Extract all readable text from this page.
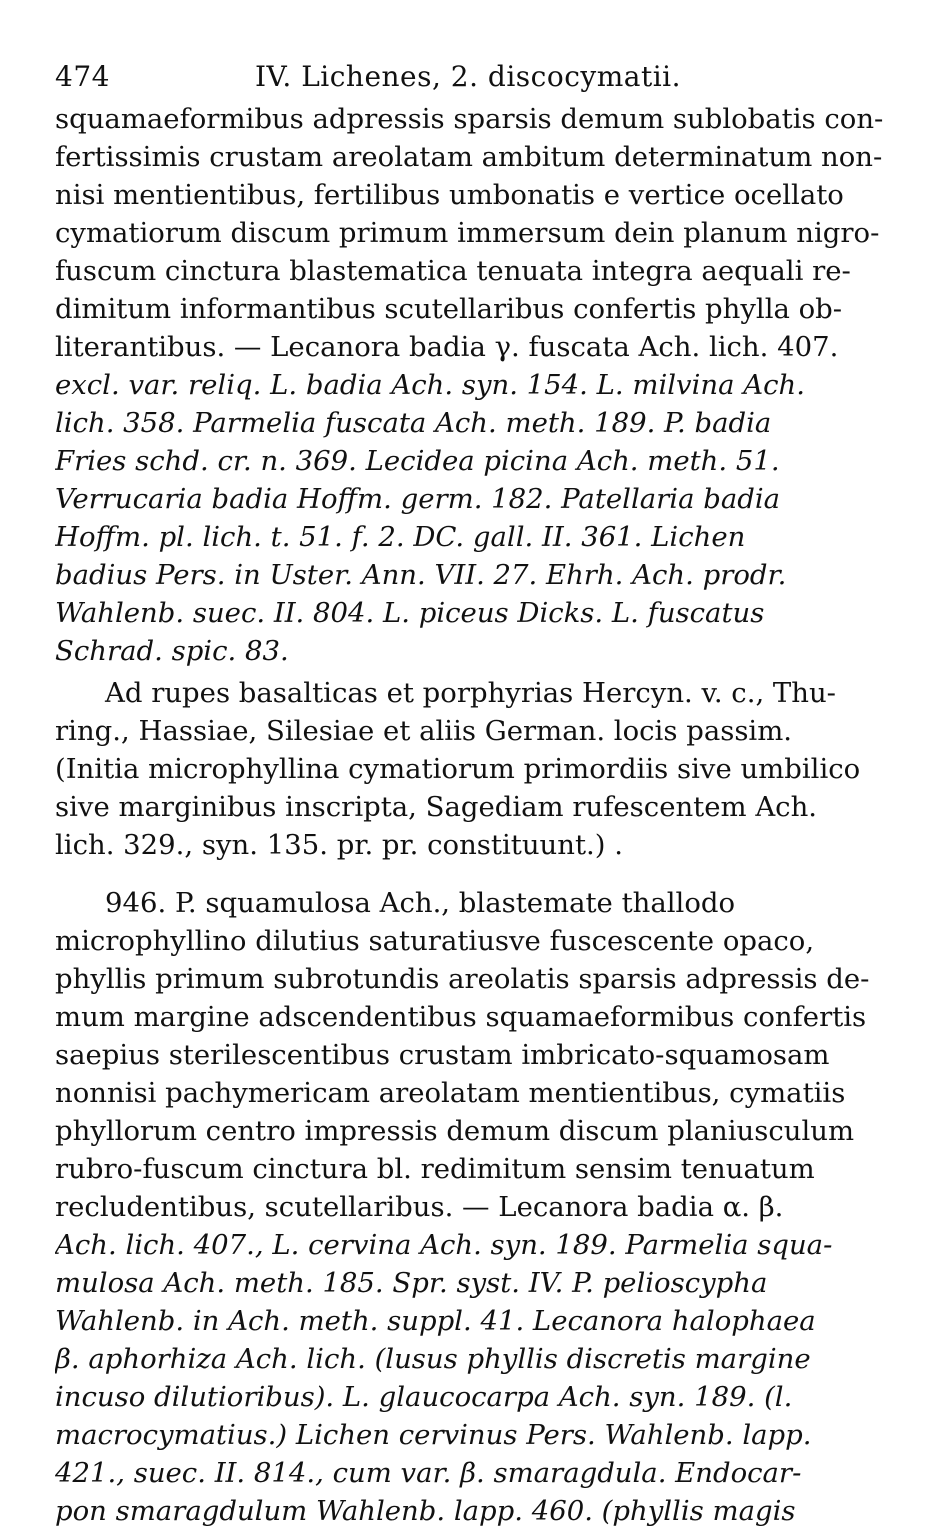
474	IV. Lichenes, 2. discocymatii.
squamaeformibus adpressis sparsis demum sublobatis con-
fertissimis crustam areolatam ambitum determinatum non-
nisi mentientibus, fertilibus umbonatis e vertice ocellato
cymatiorum discum primum immersum dein planum nigro-
fuscum cinctura blastematica tenuata integra aequali re-
dimitum informantibus scutellaribus confertis phylla ob-
literantibus. — Lecanora badia γ. fuscata Ach. lich. 407.
excl. var. reliq. L. badia Ach. syn. 154. L. milvina Ach.
lich. 358. Parmelia fuscata Ach. meth. 189. P. badia
Fries schd. cr. n. 369. Lecidea picina Ach. meth. 51.
Verrucaria badia Hoffm. germ. 182. Patellaria badia
Hoffm. pl. lich. t. 51. f. 2. DC. gall. II. 361. Lichen
badius Pers. in Uster. Ann. VII. 27. Ehrh. Ach. prodr.
Wahlenb. suec. II. 804. L. piceus Dicks. L. fuscatus
Schrad. spic. 83.
Ad rupes basalticas et porphyrias Hercyn. v. c., Thu-
ring., Hassiae, Silesiae et aliis German. locis passim.
(Initia microphyllina cymatiorum primordiis sive umbilico
sive marginibus inscripta, Sagediam rufescentem Ach.
lich. 329., syn. 135. pr. pr. constituunt.) .
946. P. squamulosa Ach., blastemate thallodo
microphyllino dilutius saturatiusve fuscescente opaco,
phyllis primum subrotundis areolatis sparsis adpressis de-
mum margine adscendentibus squamaeformibus confertis
saepius sterilescentibus crustam imbricato-squamosam
nonnisi pachymericam areolatam mentientibus, cymatiis
phyllorum centro impressis demum discum planiusculum
rubro-fuscum cinctura bl. redimitum sensim tenuatum
recludentibus, scutellaribus. — Lecanora badia α. β.
Ach. lich. 407., L. cervina Ach. syn. 189. Parmelia squa-
mulosa Ach. meth. 185. Spr. syst. IV. P. pelioscypha
Wahlenb. in Ach. meth. suppl. 41. Lecanora halophaea
β. aphorhiza Ach. lich. (lusus phyllis discretis margine
incuso dilutioribus). L. glaucocarpa Ach. syn. 189. (l.
macrocymatius.) Lichen cervinus Pers. Wahlenb. lapp.
421., suec. II. 814., cum var. β. smaragdula. Endocar-
pon smaragdulum Wahlenb. lapp. 460. (phyllis magis
